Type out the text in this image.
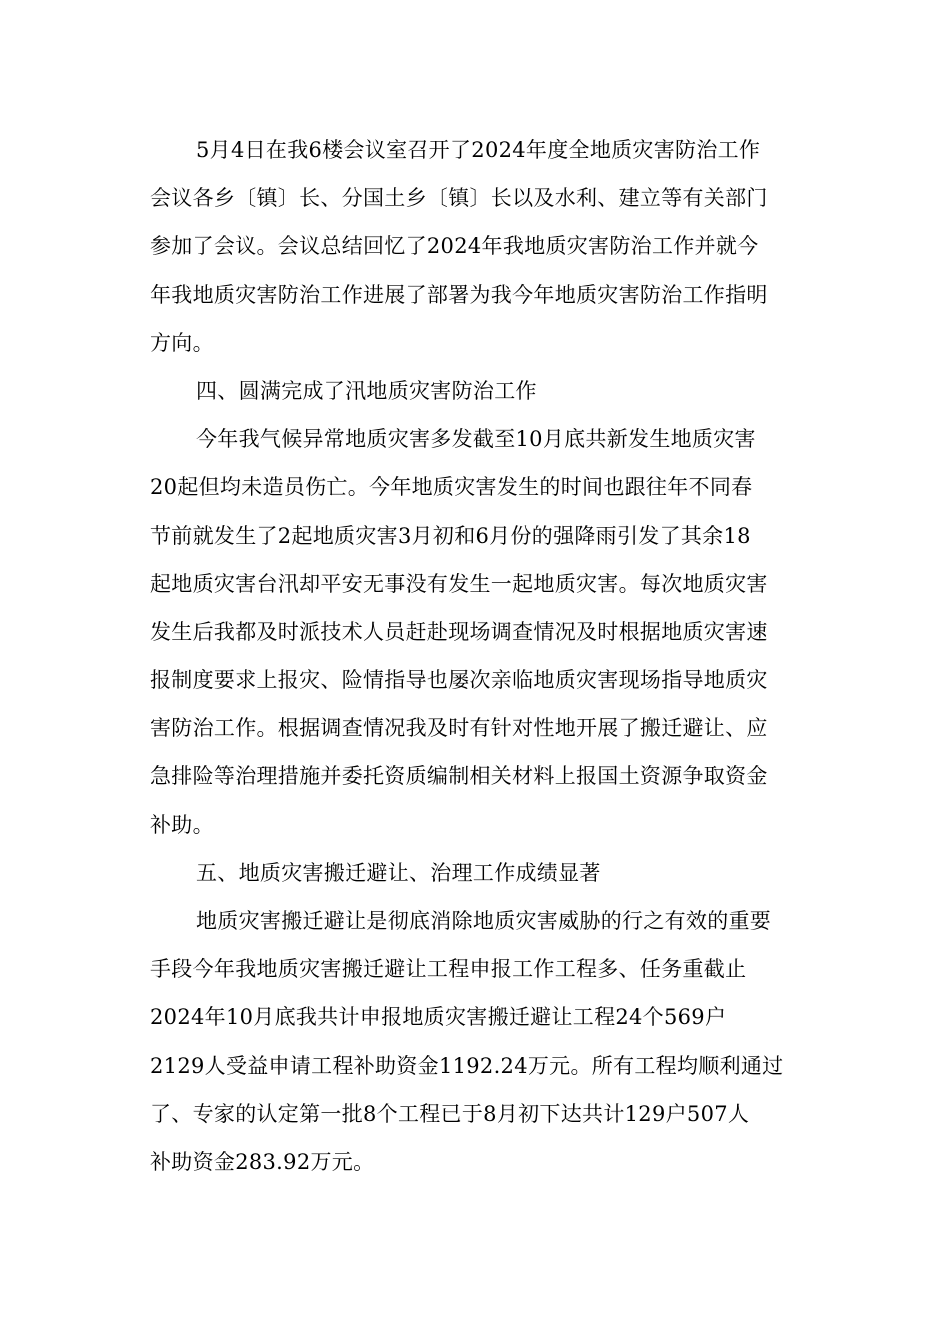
5月4日在我6楼会议室召开了2024年度全地质灾害防治工作
会议各乡〔镇〕长、分国土乡〔镇〕长以及水利、建立等有关部门
参加了会议。会议总结回忆了2024年我地质灾害防治工作并就今
年我地质灾害防治工作进展了部署为我今年地质灾害防治工作指明
方向。
四、圆满完成了汛地质灾害防治工作
今年我气候异常地质灾害多发截至10月底共新发生地质灾害
20起但均未造员伤亡。今年地质灾害发生的时间也跟往年不同春
节前就发生了2起地质灾害3月初和6月份的强降雨引发了其余18
起地质灾害台汛却平安无事没有发生一起地质灾害。每次地质灾害
发生后我都及时派技术人员赶赴现场调查情况及时根据地质灾害速
报制度要求上报灾、险情指导也屡次亲临地质灾害现场指导地质灾
害防治工作。根据调查情况我及时有针对性地开展了搬迁避让、应
急排险等治理措施并委托资质编制相关材料上报国土资源争取资金
补助。
五、地质灾害搬迁避让、治理工作成绩显著
地质灾害搬迁避让是彻底消除地质灾害威胁的行之有效的重要
手段今年我地质灾害搬迁避让工程申报工作工程多、任务重截止
2024年10月底我共计申报地质灾害搬迁避让工程24个569户
2129人受益申请工程补助资金1192.24万元。所有工程均顺利通过
了、专家的认定第一批8个工程已于8月初下达共计129户507人
补助资金283.92万元。
